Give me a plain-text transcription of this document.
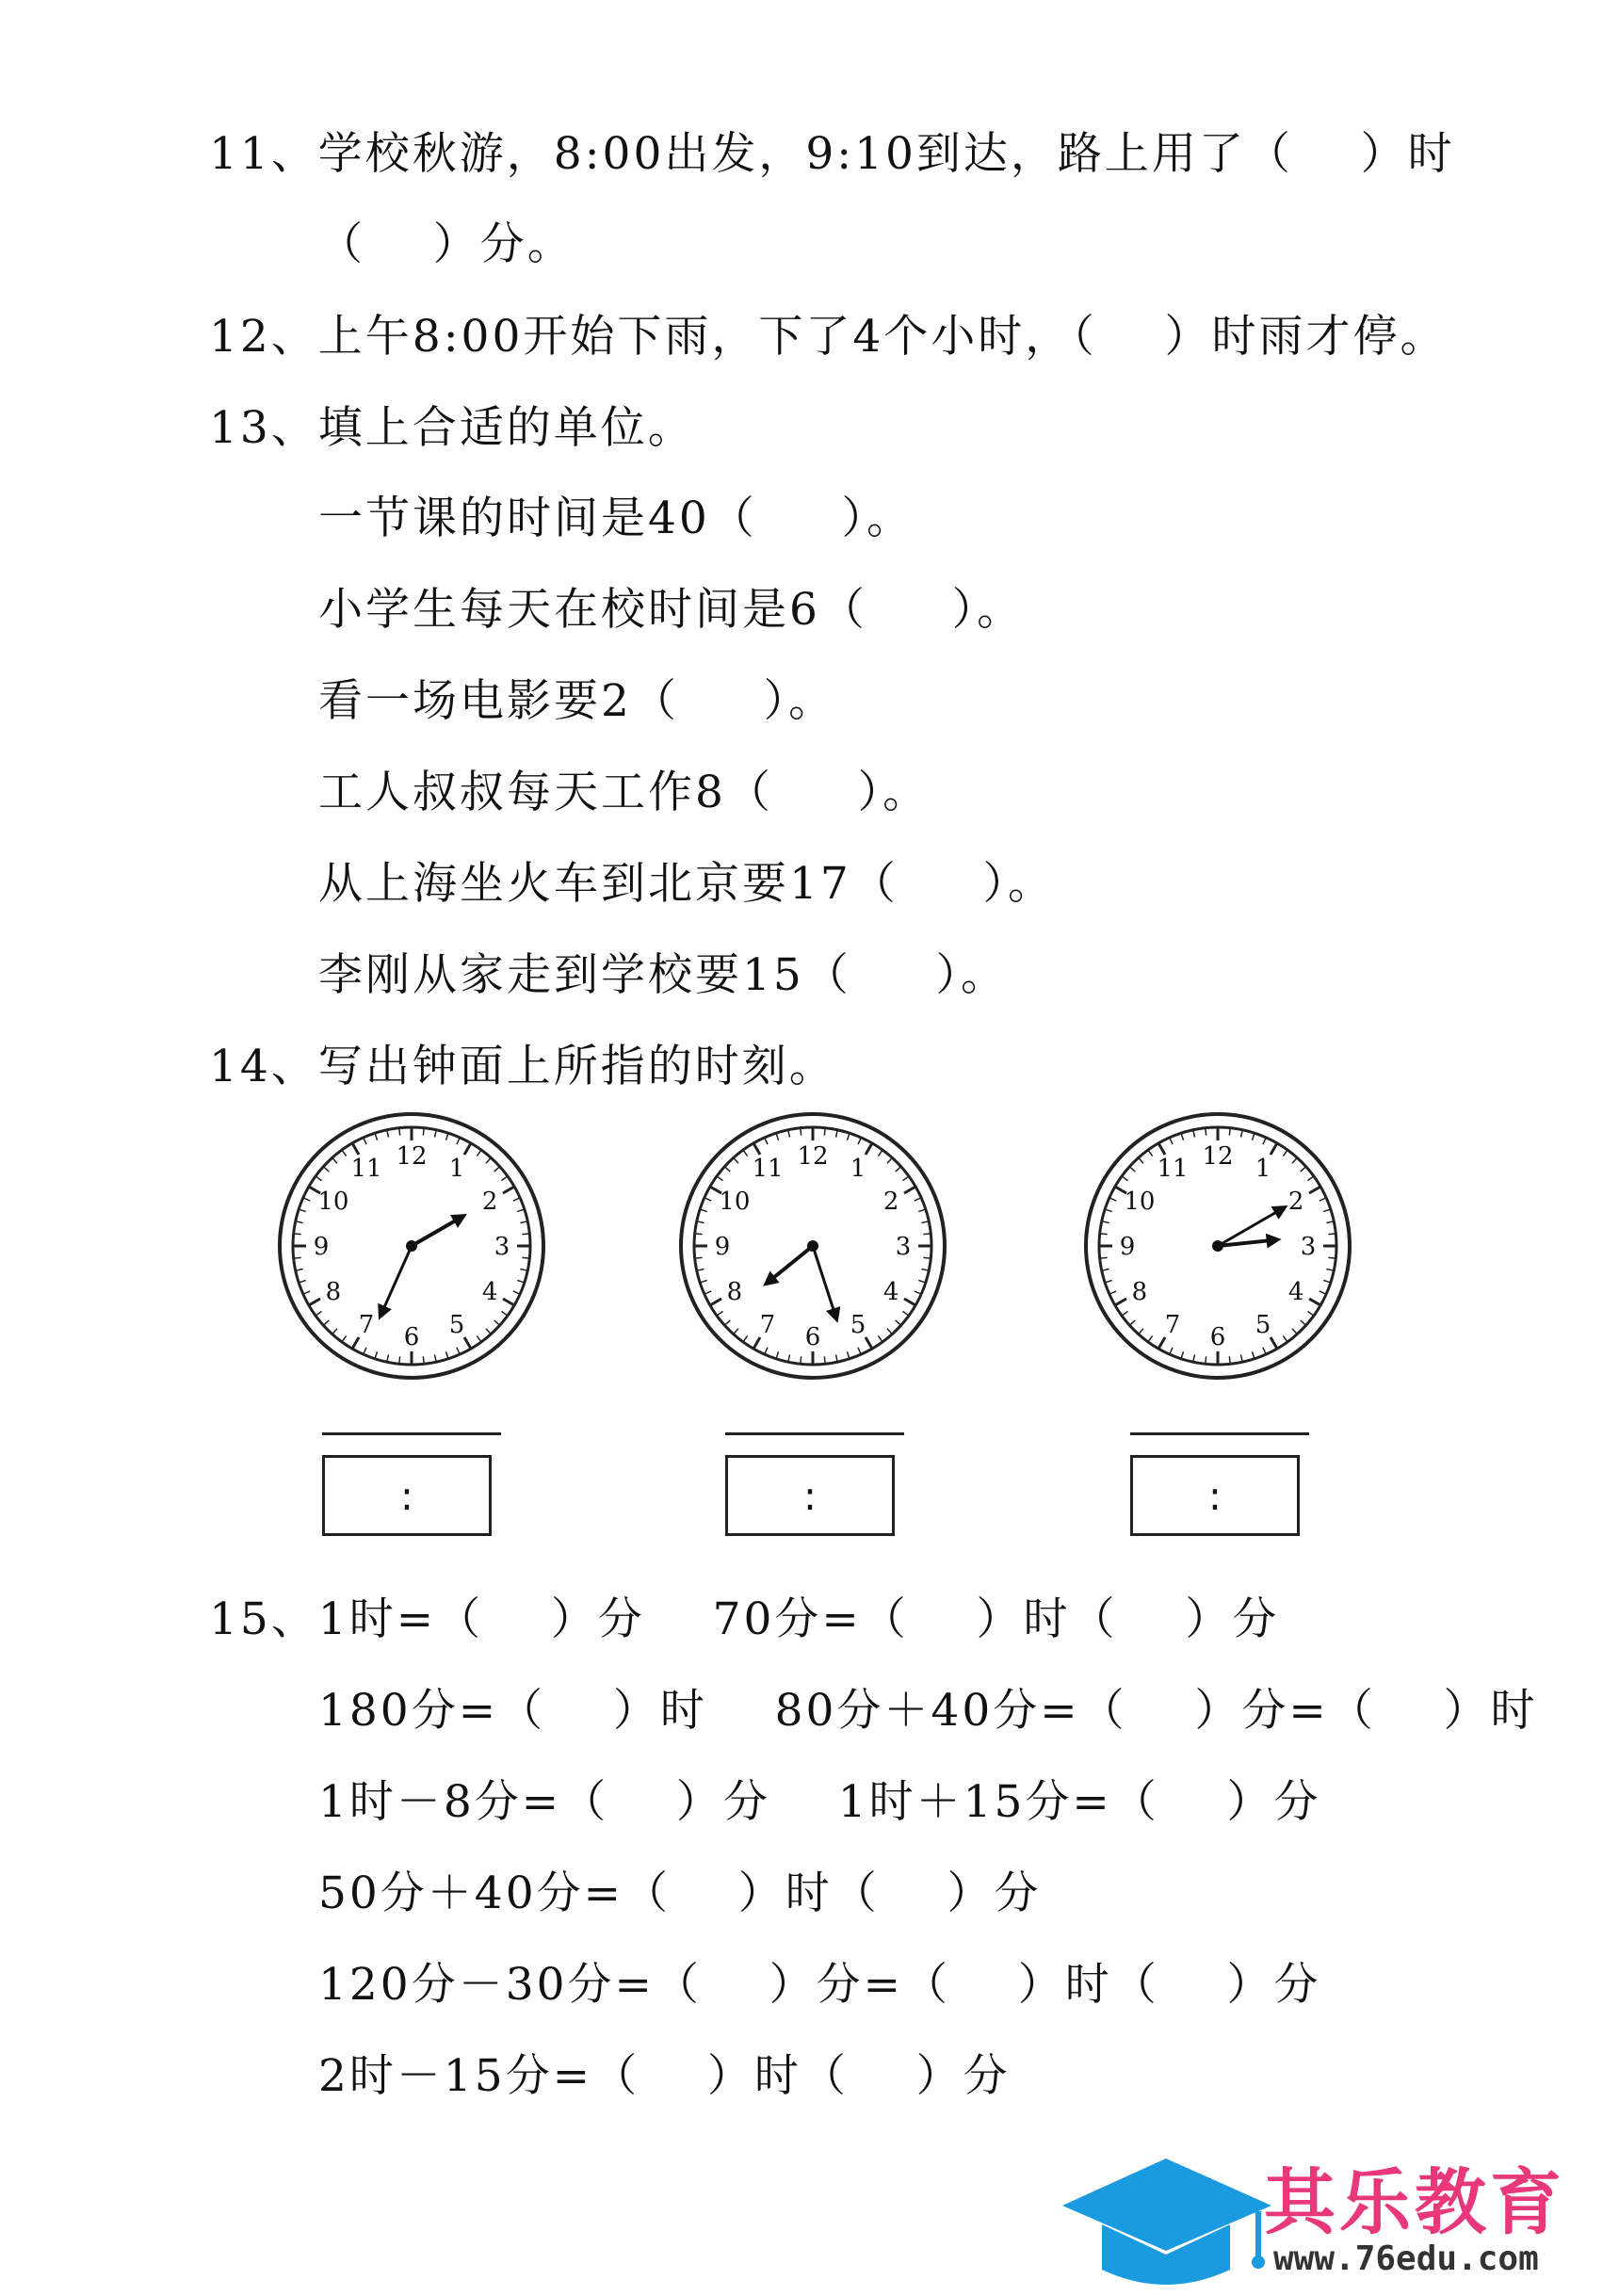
11、学校秋游，8:00出发，9:10到达，路上用了（    ）时
（    ）分。
12、上午8:00开始下雨，下了4个小时，（    ）时雨才停。
13、填上合适的单位。
一节课的时间是40（     ）。
小学生每天在校时间是6（     ）。
看一场电影要2（     ）。
工人叔叔每天工作8（     ）。
从上海坐火车到北京要17（     ）。
李刚从家走到学校要15（     ）。
14、写出钟面上所指的时刻。
12 1
2
3
4
5
6
7
8
9
10
11	12 1
2
3
4
5
6
7
8
9
10
11	12 1
2
3
4
5
6
7
8
9
10
11
:	:	:
15、1时=（    ）分    70分=（    ）时（    ）分
180分=（    ）时    80分＋40分=（    ）分=（    ）时
1时－8分=（    ）分    1时＋15分=（    ）分
50分＋40分=（    ）时（    ）分
120分－30分=（    ）分=（    ）时（    ）分
2时－15分=（    ）时（    ）分
其乐教育
www.76edu.com
